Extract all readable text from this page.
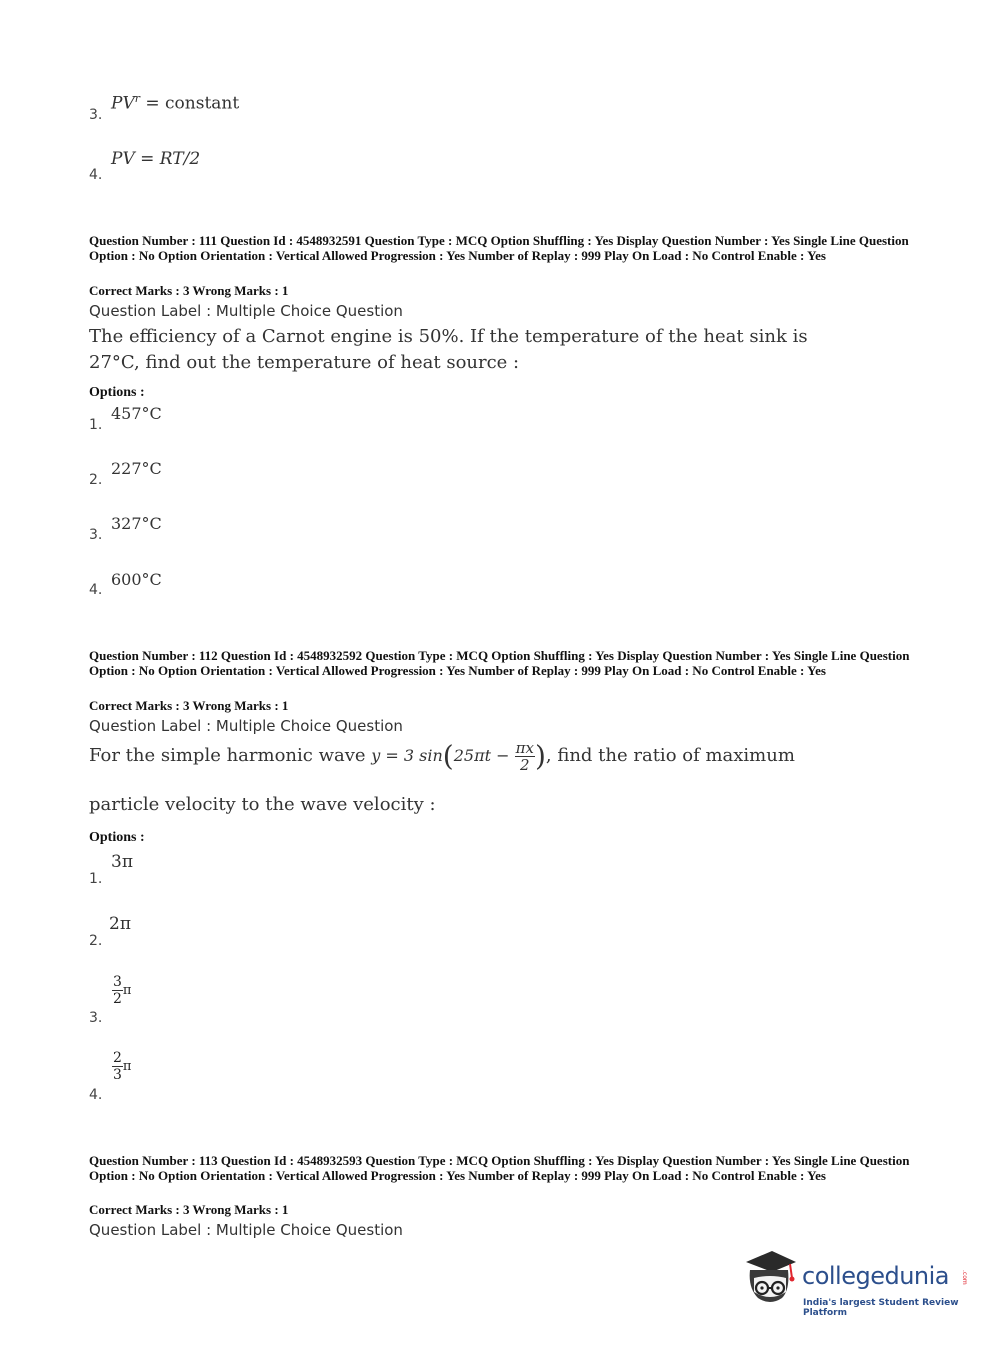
3.
$PV^r$ = constant
4.
PV = RT/2
Question Number : 111 Question Id : 4548932591 Question Type : MCQ Option Shuffling : Yes Display Question Number : Yes Single Line Question Option : No Option Orientation : Vertical Allowed Progression : Yes Number of Replay : 999 Play On Load : No Control Enable : Yes
Correct Marks : 3 Wrong Marks : 1
Question Label : Multiple Choice Question
The efficiency of a Carnot engine is 50%. If the temperature of the heat sink is
27°C, find out the temperature of heat source :
Options :
1.
457°C
2.
227°C
3.
327°C
4.
600°C
Question Number : 112 Question Id : 4548932592 Question Type : MCQ Option Shuffling : Yes Display Question Number : Yes Single Line Question Option : No Option Orientation : Vertical Allowed Progression : Yes Number of Replay : 999 Play On Load : No Control Enable : Yes
Correct Marks : 3 Wrong Marks : 1
Question Label : Multiple Choice Question
For the simple harmonic wave y = 3 $\sin(25\pi t - \frac{\pi x}{2}$ ), find the ratio of maximum
particle velocity to the wave velocity :
Options :
1.
3π
2.
2π
3.
$\frac{3}{2}$ π
4.
$\frac{2}{3}$ π
Question Number : 113 Question Id : 4548932593 Question Type : MCQ Option Shuffling : Yes Display Question Number : Yes Single Line Question Option : No Option Orientation : Vertical Allowed Progression : Yes Number of Replay : 999 Play On Load : No Control Enable : Yes
Correct Marks : 3 Wrong Marks : 1
Question Label : Multiple Choice Question
collegedunia .com
India's largest Student Review Platform
